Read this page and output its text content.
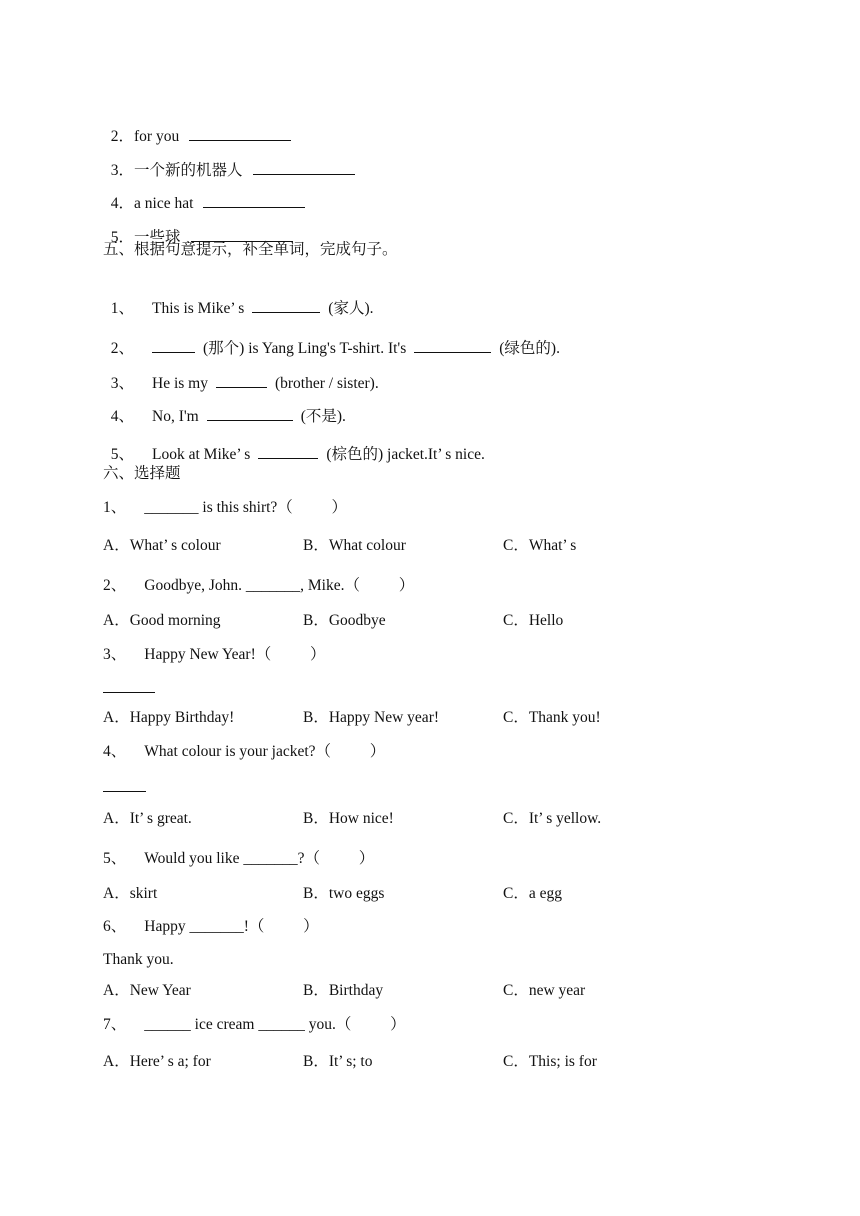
2．for you

3．一个新的机器人

4．a nice hat

5．一些球

五、根据句意提示，补全单词，完成句子。

1、 This is Mike’ s	(家人).

2、	(那个) is Yang Ling's T-shirt. It's	(绿色的).

3、 He is my	(brother / sister).

4、 No, I'm	(不是).

5、 Look at Mike’ s	(棕色的) jacket.It’ s nice.

六、选择题
1、 _______ is this shirt?（          ）
A．What’ s colour	B．What colour	C．What’ s
2、 Goodbye, John. _______, Mike.（          ）
A．Good morning	B．Goodbye	C．Hello
3、 Happy New Year!（          ）
A．Happy Birthday!	B．Happy New year!	C．Thank you!
4、 What colour is your jacket?（          ）
A．It’ s great.	B．How nice!	C．It’ s yellow.
5、 Would you like _______?（          ）
A．skirt	B．two eggs	C．a egg
6、 Happy _______!（          ）
Thank you.
A．New Year	B．Birthday	C．new year
7、 ______ ice cream ______ you.（          ）
A．Here’ s a; for	B．It’ s; to	C．This; is for
